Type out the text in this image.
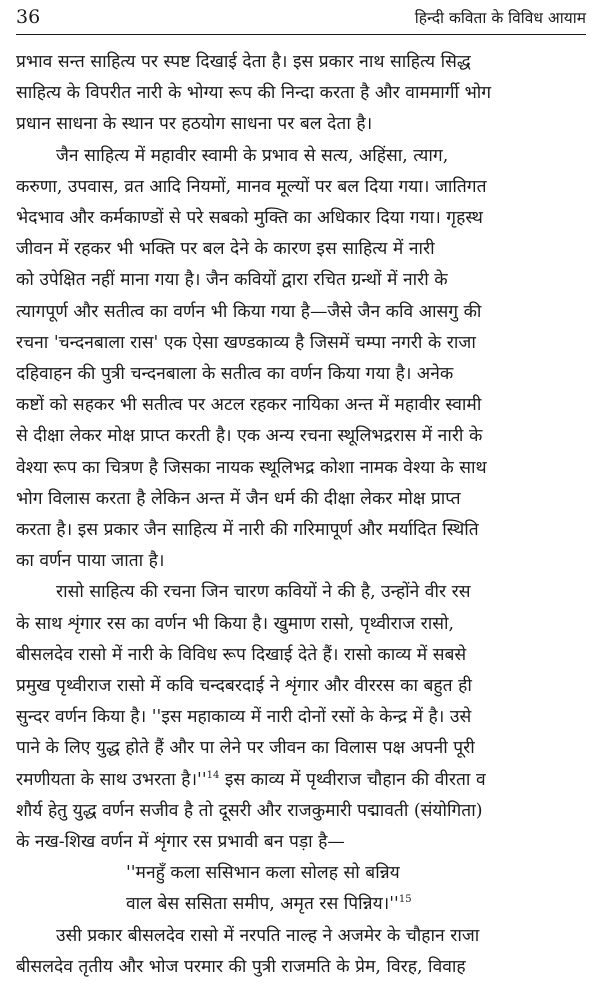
36	हिन्दी कविता के विविध आयाम

प्रभाव सन्त साहित्य पर स्पष्ट दिखाई देता है। इस प्रकार नाथ साहित्य सिद्ध
साहित्य के विपरीत नारी के भोग्या रूप की निन्दा करता है और वाममार्गी भोग
प्रधान साधना के स्थान पर हठयोग साधना पर बल देता है।

जैन साहित्य में महावीर स्वामी के प्रभाव से सत्य, अहिंसा, त्याग,
करुणा, उपवास, व्रत आदि नियमों, मानव मूल्यों पर बल दिया गया। जातिगत
भेदभाव और कर्मकाण्डों से परे सबको मुक्ति का अधिकार दिया गया। गृहस्थ
जीवन में रहकर भी भक्ति पर बल देने के कारण इस साहित्य में नारी
को उपेक्षित नहीं माना गया है। जैन कवियों द्वारा रचित ग्रन्थों में नारी के
त्यागपूर्ण और सतीत्व का वर्णन भी किया गया है—जैसे जैन कवि आसगु की
रचना 'चन्दनबाला रास' एक ऐसा खण्डकाव्य है जिसमें चम्पा नगरी के राजा
दहिवाहन की पुत्री चन्दनबाला के सतीत्व का वर्णन किया गया है। अनेक
कष्टों को सहकर भी सतीत्व पर अटल रहकर नायिका अन्त में महावीर स्वामी
से दीक्षा लेकर मोक्ष प्राप्त करती है। एक अन्य रचना स्थूलिभद्ररास में नारी के
वेश्या रूप का चित्रण है जिसका नायक स्थूलिभद्र कोशा नामक वेश्या के साथ
भोग विलास करता है लेकिन अन्त में जैन धर्म की दीक्षा लेकर मोक्ष प्राप्त
करता है। इस प्रकार जैन साहित्य में नारी की गरिमापूर्ण और मर्यादित स्थिति
का वर्णन पाया जाता है।

रासो साहित्य की रचना जिन चारण कवियों ने की है, उन्होंने वीर रस
के साथ शृंगार रस का वर्णन भी किया है। खुमाण रासो, पृथ्वीराज रासो,
बीसलदेव रासो में नारी के विविध रूप दिखाई देते हैं। रासो काव्य में सबसे
प्रमुख पृथ्वीराज रासो में कवि चन्दबरदाई ने शृंगार और वीररस का बहुत ही
सुन्दर वर्णन किया है। ''इस महाकाव्य में नारी दोनों रसों के केन्द्र में है। उसे
पाने के लिए युद्ध होते हैं और पा लेने पर जीवन का विलास पक्ष अपनी पूरी
रमणीयता के साथ उभरता है।''$^{14}$ इस काव्य में पृथ्वीराज चौहान की वीरता व
शौर्य हेतु युद्ध वर्णन सजीव है तो दूसरी और राजकुमारी पद्मावती (संयोगिता)
के नख-शिख वर्णन में शृंगार रस प्रभावी बन पड़ा है—

''मनहुँ कला ससिभान कला सोलह सो बन्निय
वाल बेस ससिता समीप, अमृत रस पिन्निय।''$^{15}$

उसी प्रकार बीसलदेव रासो में नरपति नाल्ह ने अजमेर के चौहान राजा
बीसलदेव तृतीय और भोज परमार की पुत्री राजमति के प्रेम, विरह, विवाह
